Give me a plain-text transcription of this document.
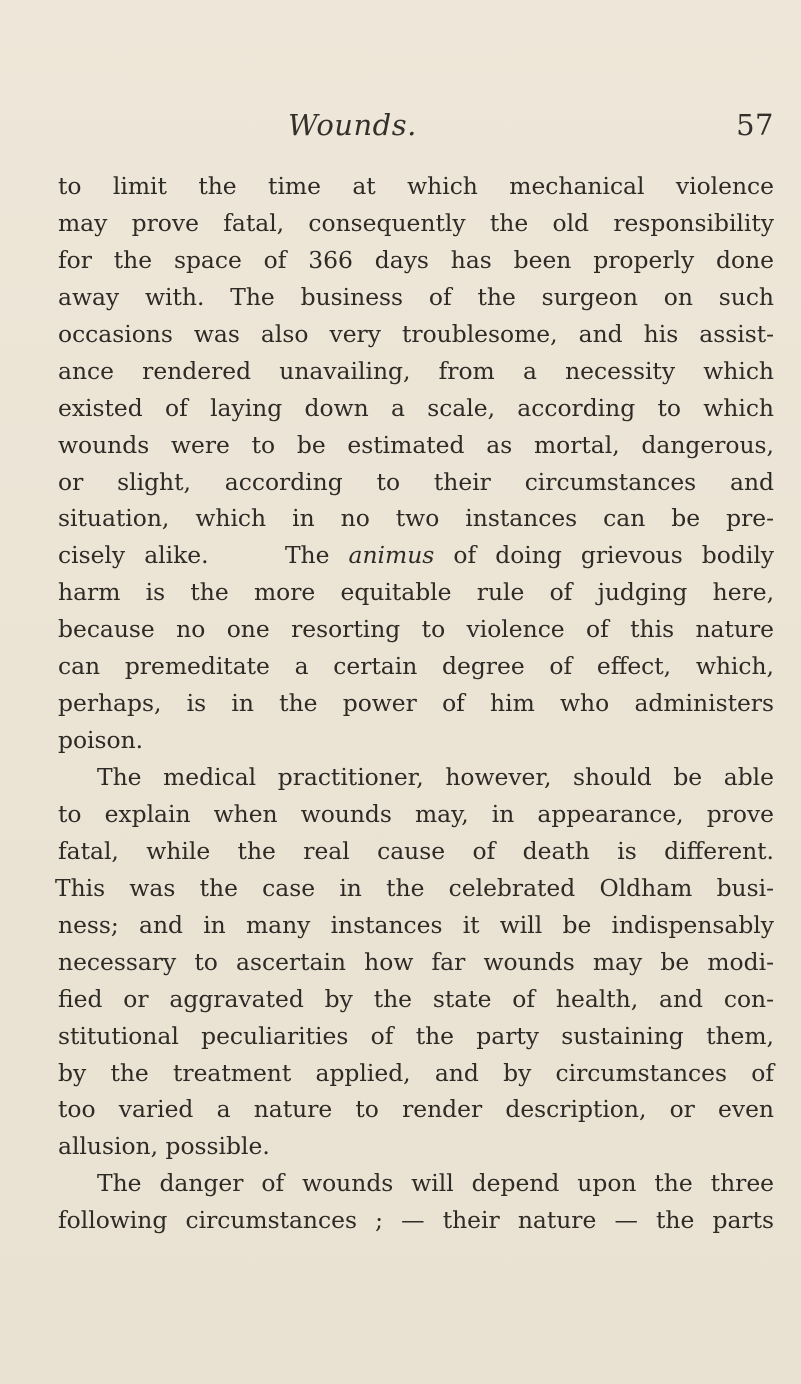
Wounds.	57
to limit the time at which mechanical violence
may prove fatal, consequently the old responsibility
for the space of 366 days has been properly done
away with. The business of the surgeon on such
occasions was also very troublesome, and his assist-
ance rendered unavailing, from a necessity which
existed of laying down a scale, according to which
wounds were to be estimated as mortal, dangerous,
or slight, according to their circumstances and
situation, which in no two instances can be pre-
cisely alike.	The animus of doing grievous bodily
harm is the more equitable rule of judging here,
because no one resorting to violence of this nature
can premeditate a certain degree of effect, which,
perhaps, is in the power of him who administers
poison.
The medical practitioner, however, should be able
to explain when wounds may, in appearance, prove
fatal, while the real cause of death is different.
This was the case in the celebrated Oldham busi-
ness; and in many instances it will be indispensably
necessary to ascertain how far wounds may be modi-
fied or aggravated by the state of health, and con-
stitutional peculiarities of the party sustaining them,
by the treatment applied, and by circumstances of
too varied a nature to render description, or even
allusion, possible.
The danger of wounds will depend upon the three
following circumstances ; — their nature — the parts
